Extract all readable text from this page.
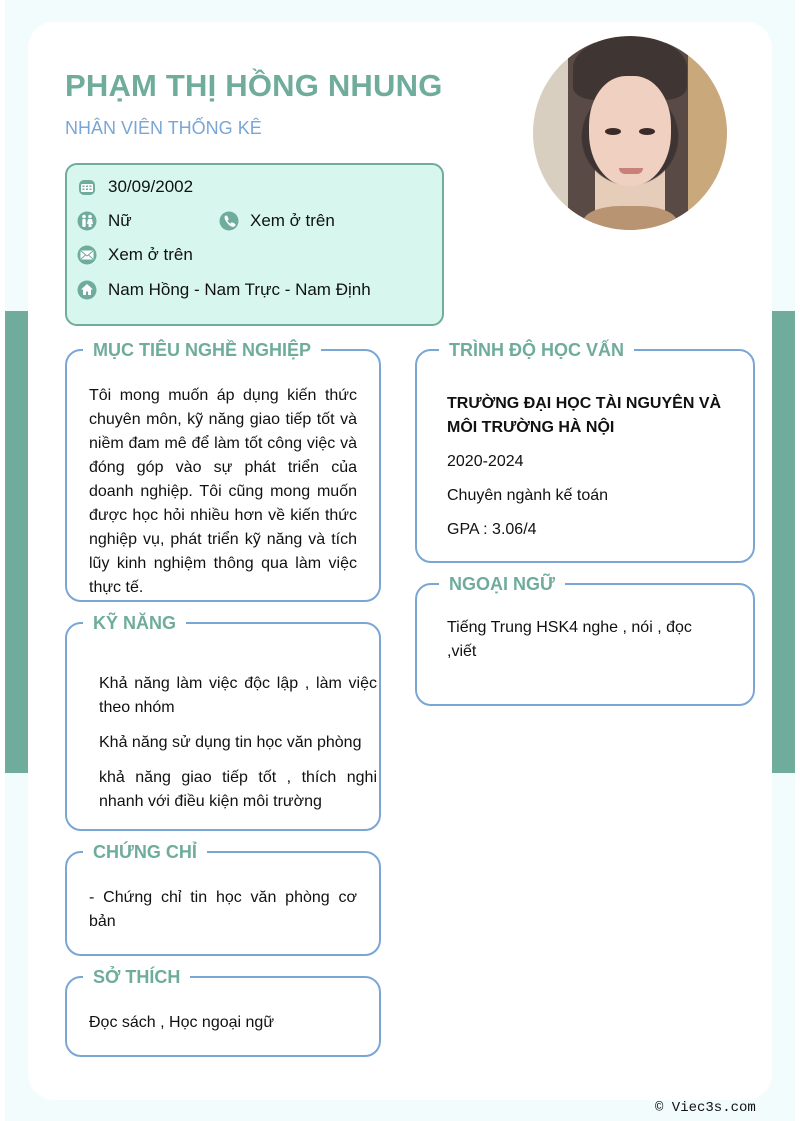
PHẠM THỊ HỒNG NHUNG
NHÂN VIÊN THỐNG KÊ
30/09/2002
Nữ	Xem ở trên
Xem ở trên
Nam Hồng - Nam Trực - Nam Định
MỤC TIÊU NGHỀ NGHIỆP
Tôi mong muốn áp dụng kiến thức chuyên môn, kỹ năng giao tiếp tốt và niềm đam mê để làm tốt công việc và đóng góp vào sự phát triển của doanh nghiệp. Tôi cũng mong muốn được học hỏi nhiều hơn về kiến thức nghiệp vụ, phát triển kỹ năng và tích lũy kinh nghiệm thông qua làm việc thực tế.
KỸ NĂNG
Khả năng làm việc độc lập , làm việc theo nhóm
Khả năng sử dụng tin học văn phòng
khả năng giao tiếp tốt , thích nghi nhanh với điều kiện môi trường
CHỨNG CHỈ
- Chứng chỉ tin học văn phòng cơ bản
SỞ THÍCH
Đọc sách , Học ngoại ngữ
TRÌNH ĐỘ HỌC VẤN
TRƯỜNG ĐẠI HỌC TÀI NGUYÊN VÀ MÔI TRƯỜNG HÀ NỘI
2020-2024
Chuyên ngành kế toán
GPA : 3.06/4
NGOẠI NGỮ
Tiếng Trung HSK4 nghe , nói , đọc ,viết
© Viec3s.com
